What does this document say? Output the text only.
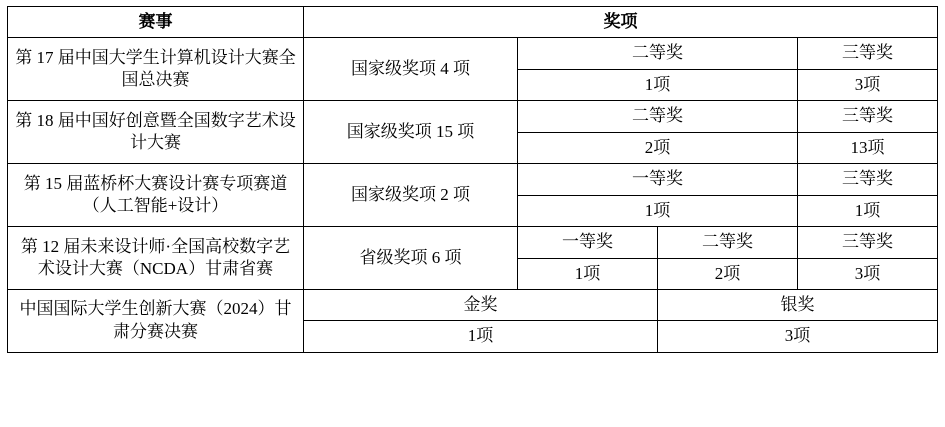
赛事	奖项			
第 17 届中国大学生计算机设计大赛全国总决赛	国家级奖项 4 项	二等奖		三等奖
		1项		3项
第 18 届中国好创意暨全国数字艺术设计大赛	国家级奖项 15 项	二等奖		三等奖
		2项		13项
第 15 届蓝桥杯大赛设计赛专项赛道（人工智能+设计）	国家级奖项 2 项	一等奖		三等奖
		1项		1项
第 12 届未来设计师·全国高校数字艺术设计大赛（NCDA）甘肃省赛	省级奖项 6 项	一等奖	二等奖	三等奖
		1项	2项	3项
中国国际大学生创新大赛（2024）甘肃分赛决赛	金奖		银奖	
	1项		3项	
